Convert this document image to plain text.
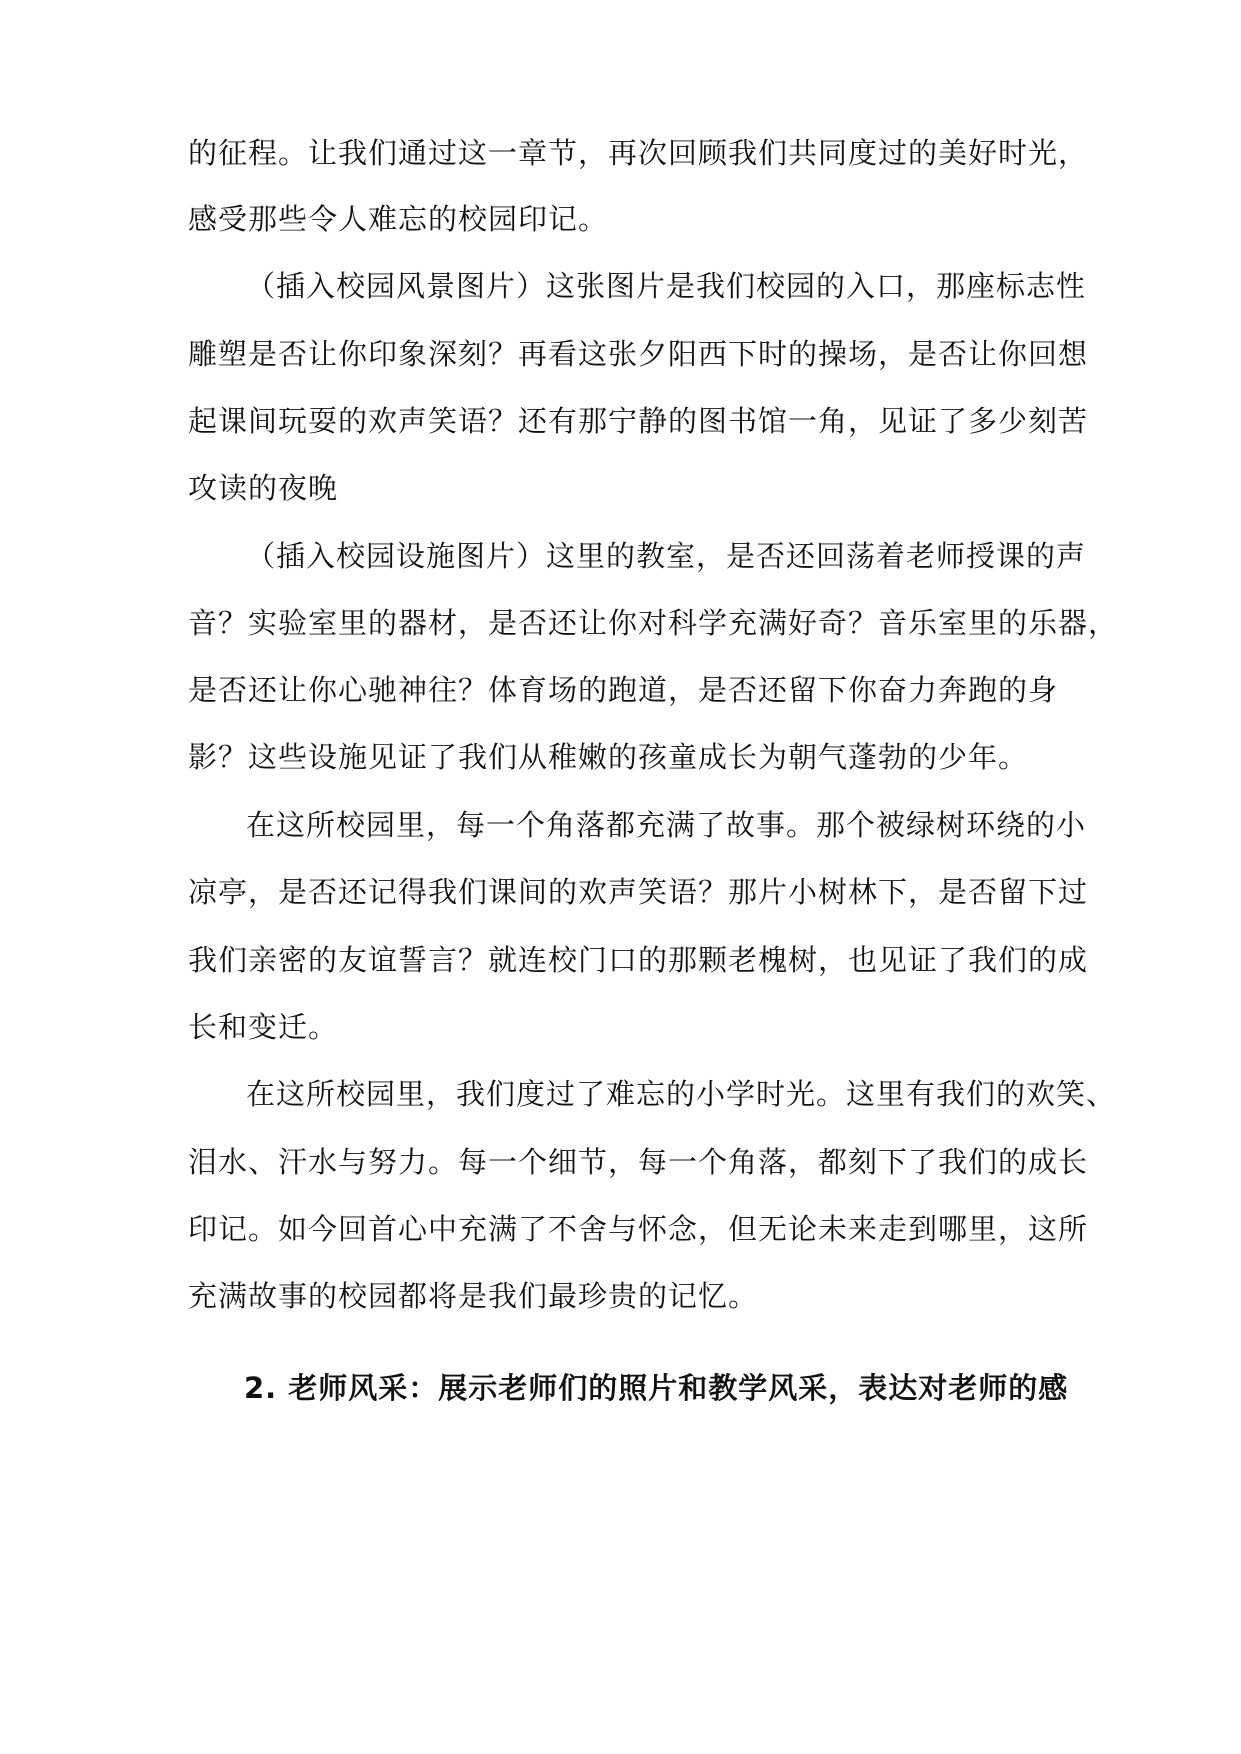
的征程。让我们通过这一章节，再次回顾我们共同度过的美好时光，
感受那些令人难忘的校园印记。
（插入校园风景图片）这张图片是我们校园的入口，那座标志性
雕塑是否让你印象深刻？再看这张夕阳西下时的操场，是否让你回想
起课间玩耍的欢声笑语？还有那宁静的图书馆一角，见证了多少刻苦
攻读的夜晚
（插入校园设施图片）这里的教室，是否还回荡着老师授课的声
音？实验室里的器材，是否还让你对科学充满好奇？音乐室里的乐器，
是否还让你心驰神往？体育场的跑道，是否还留下你奋力奔跑的身
影？这些设施见证了我们从稚嫩的孩童成长为朝气蓬勃的少年。
在这所校园里，每一个角落都充满了故事。那个被绿树环绕的小
凉亭，是否还记得我们课间的欢声笑语？那片小树林下，是否留下过
我们亲密的友谊誓言？就连校门口的那颗老槐树，也见证了我们的成
长和变迁。
在这所校园里，我们度过了难忘的小学时光。这里有我们的欢笑、
泪水、汗水与努力。每一个细节，每一个角落，都刻下了我们的成长
印记。如今回首心中充满了不舍与怀念，但无论未来走到哪里，这所
充满故事的校园都将是我们最珍贵的记忆。
2. 老师风采：展示老师们的照片和教学风采，表达对老师的感
